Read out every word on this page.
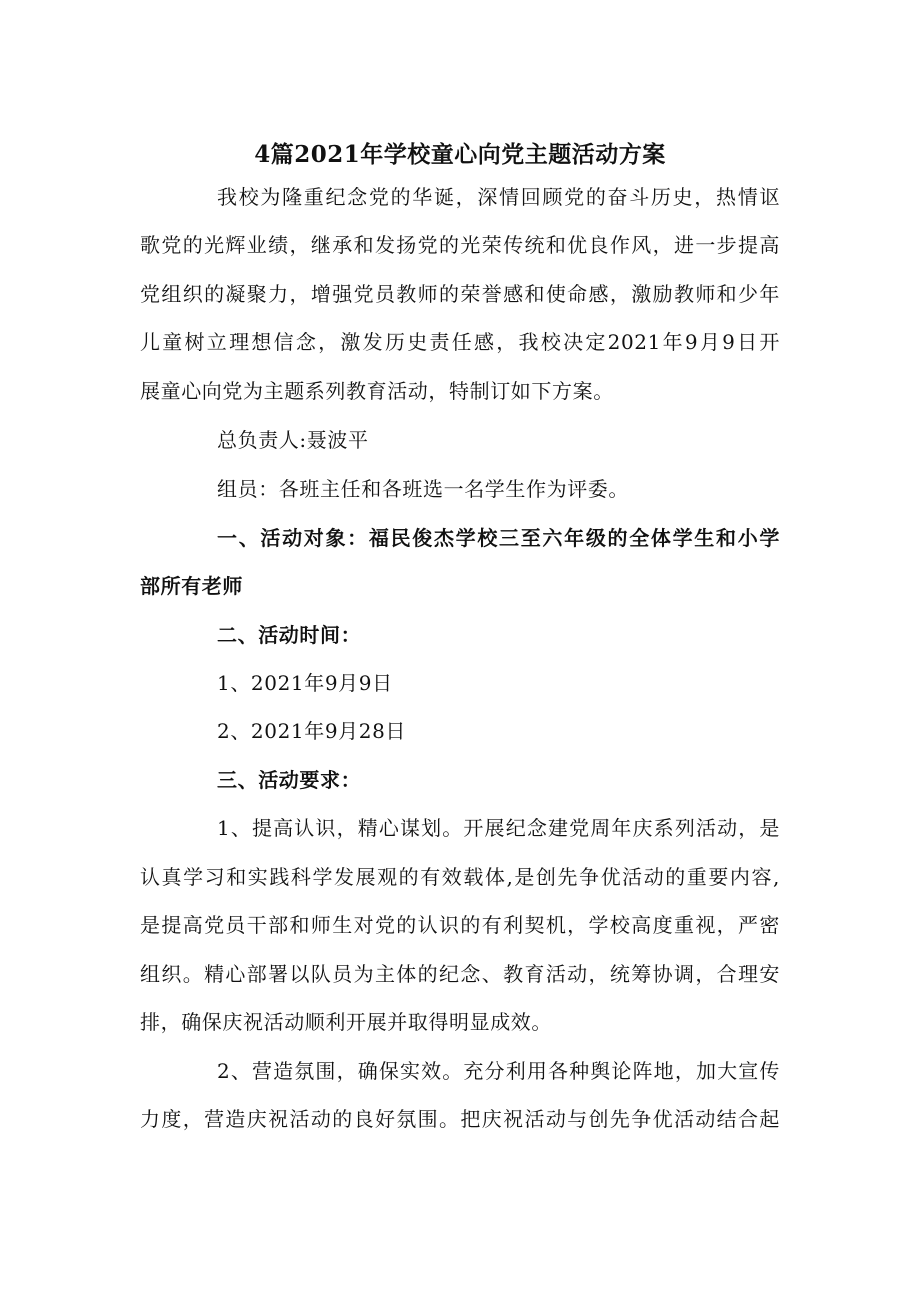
4篇2021年学校童心向党主题活动方案
我校为隆重纪念党的华诞，深情回顾党的奋斗历史，热情讴
歌党的光辉业绩，继承和发扬党的光荣传统和优良作风，进一步提高
党组织的凝聚力，增强党员教师的荣誉感和使命感，激励教师和少年
儿童树立理想信念，激发历史责任感，我校决定2021年9月9日开
展童心向党为主题系列教育活动，特制订如下方案。
总负责人:聂波平
组员：各班主任和各班选一名学生作为评委。
一、活动对象：福民俊杰学校三至六年级的全体学生和小学
部所有老师
二、活动时间：
1、2021年9月9日
2、2021年9月28日
三、活动要求：
1、提高认识，精心谋划。开展纪念建党周年庆系列活动，是
认真学习和实践科学发展观的有效载体,是创先争优活动的重要内容,
是提高党员干部和师生对党的认识的有利契机，学校高度重视，严密
组织。精心部署以队员为主体的纪念、教育活动，统筹协调，合理安
排，确保庆祝活动顺利开展并取得明显成效。
2、营造氛围，确保实效。充分利用各种舆论阵地，加大宣传
力度，营造庆祝活动的良好氛围。把庆祝活动与创先争优活动结合起
